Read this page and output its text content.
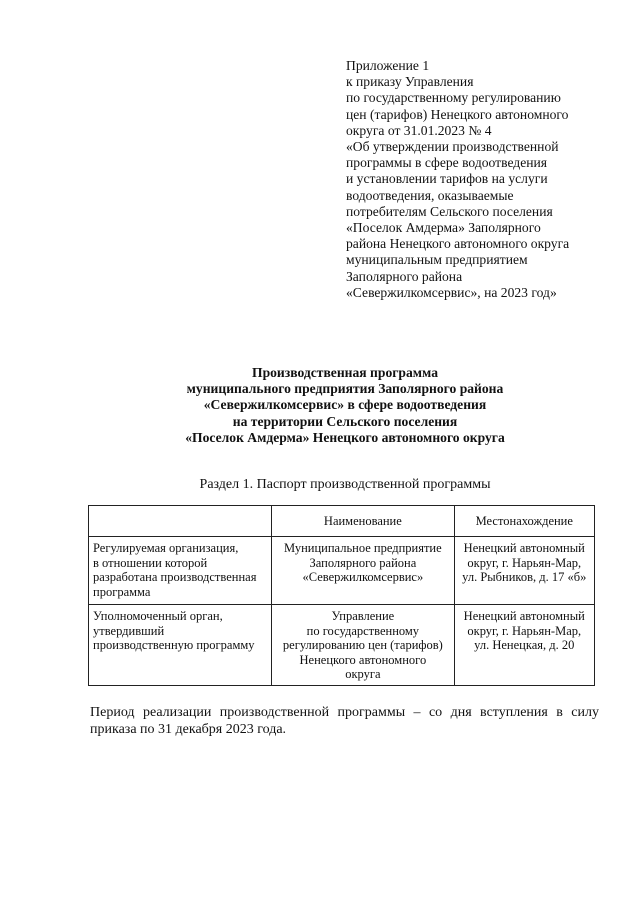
Приложение 1
к приказу Управления
по государственному регулированию
цен (тарифов) Ненецкого автономного
округа от 31.01.2023 № 4
«Об утверждении производственной
программы в сфере водоотведения
и установлении тарифов на услуги
водоотведения, оказываемые
потребителям Сельского поселения
«Поселок Амдерма» Заполярного
района Ненецкого автономного округа
муниципальным предприятием
Заполярного района
«Севержилкомсервис», на 2023 год»
Производственная программа
муниципального предприятия Заполярного района
«Севержилкомсервис» в сфере водоотведения
на территории Сельского поселения
«Поселок Амдерма» Ненецкого автономного округа
Раздел 1. Паспорт производственной программы
	Наименование	Местонахождение

Регулируемая организация,
в отношении которой
разработана производственная
программа	Муниципальное предприятие
Заполярного района
«Севержилкомсервис»	Ненецкий автономный
округ, г. Нарьян-Мар,
ул. Рыбников, д. 17 «б»

Уполномоченный орган,
утвердивший
производственную программу	Управление
по государственному
регулированию цен (тарифов)
Ненецкого автономного
округа	Ненецкий автономный
округ, г. Нарьян-Мар,
ул. Ненецкая, д. 20
Период реализации производственной программы – со дня вступления в силу
приказа по 31 декабря 2023 года.
